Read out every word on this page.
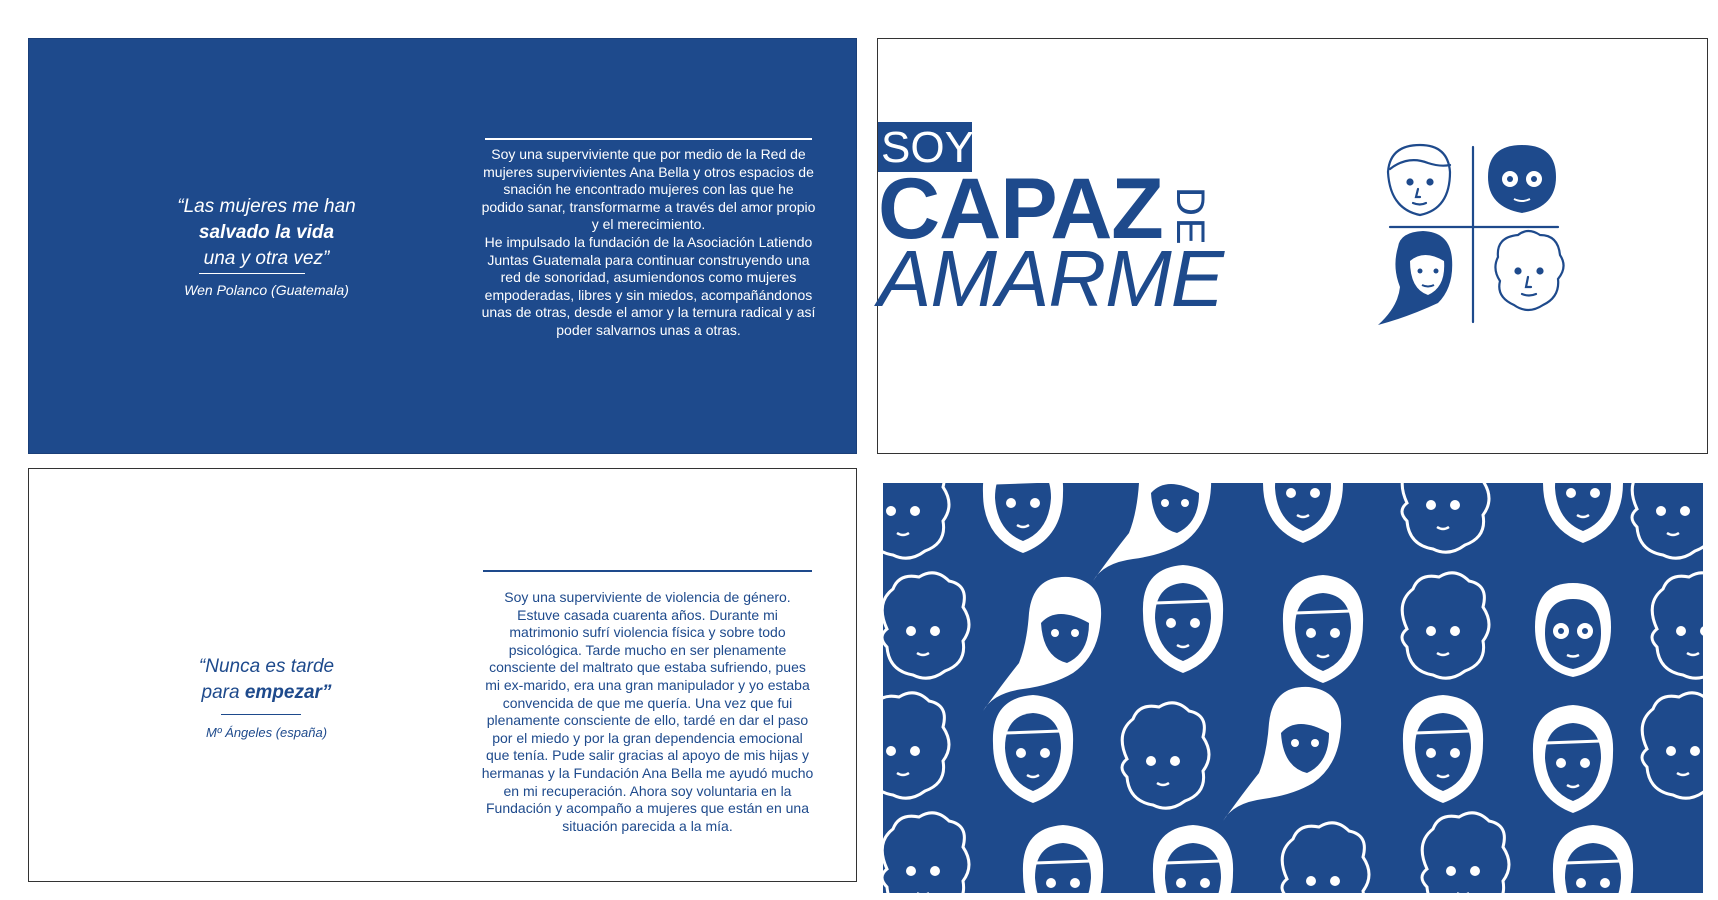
“Las mujeres me han
salvado la vida
una y otra vez”
Wen Polanco (Guatemala)
Soy una superviviente que por medio de la Red de mujeres supervivientes Ana Bella y otros espacios de snación he encontrado mujeres con las que he podido sanar, transformarme a través del amor propio y el merecimiento.
He impulsado la fundación de la Asociación Latiendo Juntas Guatemala para continuar construyendo una red de sonoridad, asumiendonos como mujeres empoderadas, libres y sin miedos, acompañándonos unas de otras, desde el amor y la ternura radical y así poder salvarnos unas a otras.
SOY
CAPAZ DE
AMARME
“Nunca es tarde
para empezar”
Mº Ángeles (españa)
Soy una superviviente de violencia de género. Estuve casada cuarenta años. Durante mi matrimonio sufrí violencia física y sobre todo psicológica. Tarde mucho en ser plenamente consciente del maltrato que estaba sufriendo, pues mi ex-marido, era una gran manipulador y yo estaba convencida de que me quería. Una vez que fui plenamente consciente de ello, tardé en dar el paso por el miedo y por la gran dependencia emocional que tenía. Pude salir gracias al apoyo de mis hijas y hermanas y la Fundación Ana Bella me ayudó mucho en mi recuperación. Ahora soy voluntaria en la Fundación y acompaño a mujeres que están en una situación parecida a la mía.
